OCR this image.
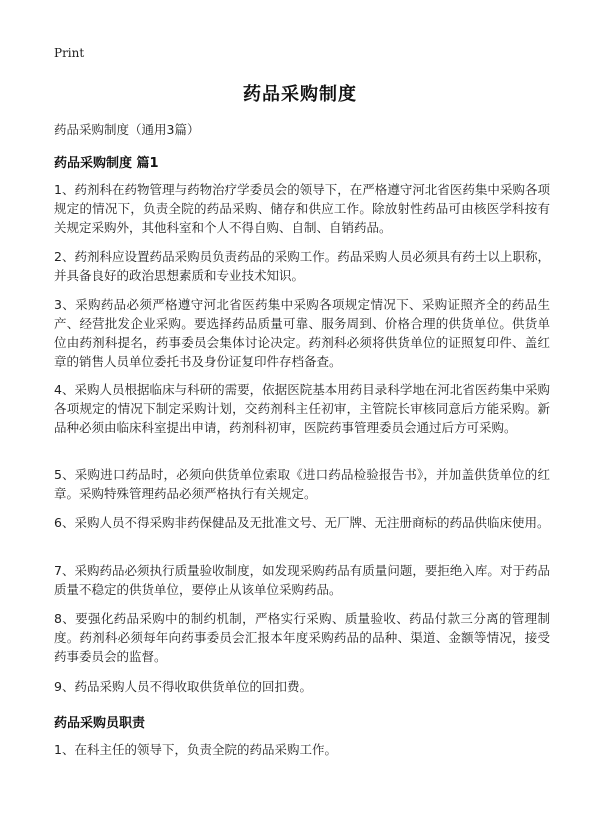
Print
药品采购制度
药品采购制度（通用3篇）
药品采购制度 篇1
1、药剂科在药物管理与药物治疗学委员会的领导下，在严格遵守河北省医药集中采购各项规定的情况下，负责全院的药品采购、储存和供应工作。除放射性药品可由核医学科按有关规定采购外，其他科室和个人不得自购、自制、自销药品。
2、药剂科应设置药品采购员负责药品的采购工作。药品采购人员必须具有药士以上职称，并具备良好的政治思想素质和专业技术知识。
3、采购药品必须严格遵守河北省医药集中采购各项规定情况下、采购证照齐全的药品生产、经营批发企业采购。要选择药品质量可靠、服务周到、价格合理的供货单位。供货单位由药剂科提名，药事委员会集体讨论决定。药剂科必须将供货单位的证照复印件、盖红章的销售人员单位委托书及身份证复印件存档备查。
4、采购人员根据临床与科研的需要，依据医院基本用药目录科学地在河北省医药集中采购各项规定的情况下制定采购计划，交药剂科主任初审，主管院长审核同意后方能采购。新品种必须由临床科室提出申请，药剂科初审，医院药事管理委员会通过后方可采购。
5、采购进口药品时，必须向供货单位索取《进口药品检验报告书》，并加盖供货单位的红章。采购特殊管理药品必须严格执行有关规定。
6、采购人员不得采购非药保健品及无批准文号、无厂牌、无注册商标的药品供临床使用。
7、采购药品必须执行质量验收制度，如发现采购药品有质量问题，要拒绝入库。对于药品质量不稳定的供货单位，要停止从该单位采购药品。
8、要强化药品采购中的制约机制，严格实行采购、质量验收、药品付款三分离的管理制度。药剂科必须每年向药事委员会汇报本年度采购药品的品种、渠道、金额等情况，接受药事委员会的监督。
9、药品采购人员不得收取供货单位的回扣费。
药品采购员职责
1、在科主任的领导下，负责全院的药品采购工作。
